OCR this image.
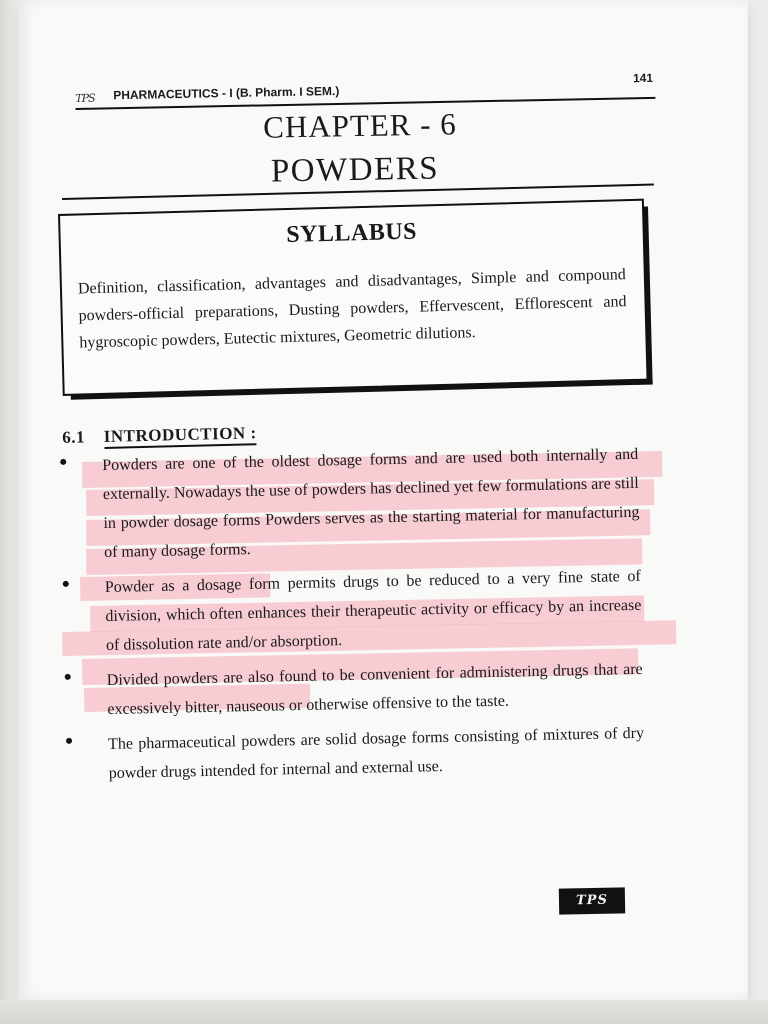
TPS PHARMACEUTICS - I (B. Pharm. I SEM.)
141
CHAPTER - 6
POWDERS
SYLLABUS
Definition, classification, advantages and disadvantages, Simple and compound powders-official preparations, Dusting powders, Effervescent, Efflorescent and hygroscopic powders, Eutectic mixtures, Geometric dilutions.
6.1 INTRODUCTION :
Powders are one of the oldest dosage forms and are used both internally and externally. Nowadays the use of powders has declined yet few formulations are still in powder dosage forms Powders serves as the starting material for manufacturing of many dosage forms.
Powder as a dosage form permits drugs to be reduced to a very fine state of division, which often enhances their therapeutic activity or efficacy by an increase of dissolution rate and/or absorption.
Divided powders are also found to be convenient for administering drugs that are excessively bitter, nauseous or otherwise offensive to the taste.
The pharmaceutical powders are solid dosage forms consisting of mixtures of dry powder drugs intended for internal and external use.
TPS
